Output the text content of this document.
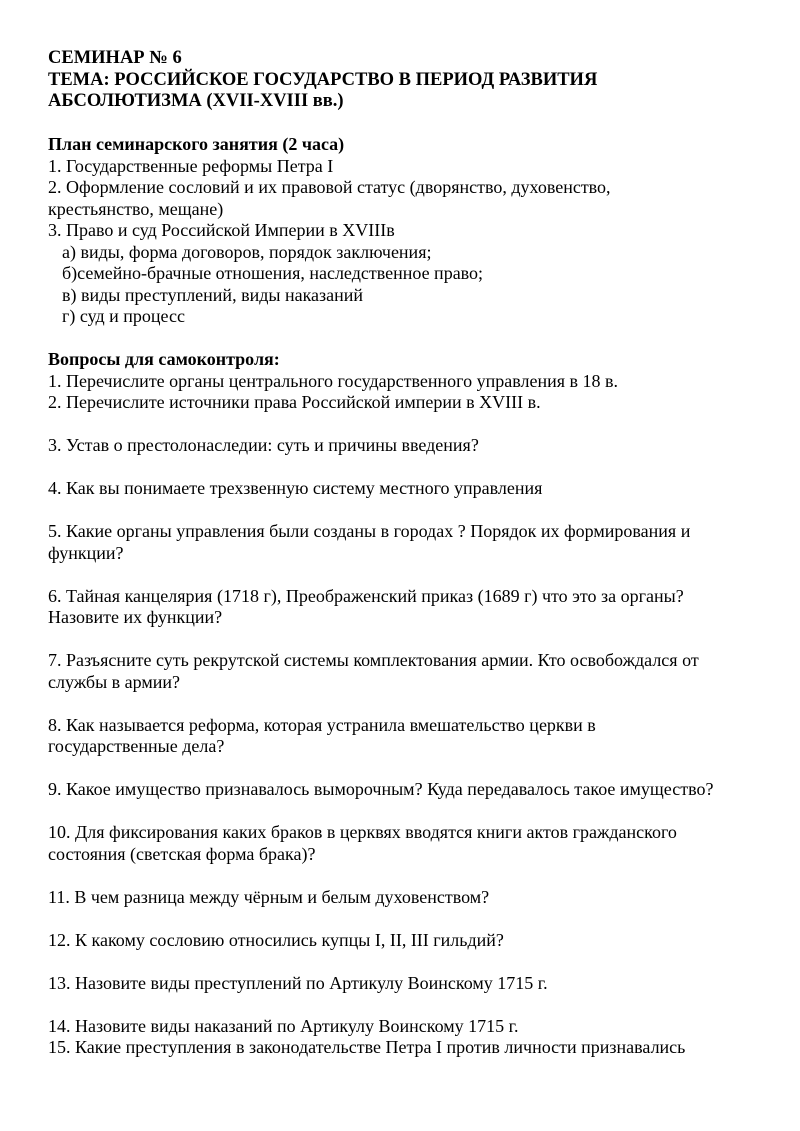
СЕМИНАР № 6
ТЕМА: РОССИЙСКОЕ ГОСУДАРСТВО В ПЕРИОД РАЗВИТИЯ
АБСОЛЮТИЗМА (XVII-XVIII вв.)
План семинарского занятия (2 часа)
1. Государственные реформы Петра I
2. Оформление сословий и их правовой статус (дворянство, духовенство,
крестьянство, мещане)
3. Право и суд Российской Империи в XVIIIв
а) виды, форма договоров, порядок заключения;
б)семейно-брачные отношения, наследственное право;
в) виды преступлений, виды наказаний
г) суд и процесс
Вопросы для самоконтроля:
1. Перечислите органы центрального государственного управления в 18 в.
2. Перечислите источники права Российской империи в XVIII в.
3. Устав о престолонаследии: суть и причины введения?
4. Как вы понимаете трехзвенную систему местного управления
5. Какие органы управления были созданы в городах ? Порядок их формирования и
функции?
6. Тайная канцелярия (1718 г), Преображенский приказ (1689 г) что это за органы?
Назовите их функции?
7. Разъясните суть рекрутской системы комплектования армии. Кто освобождался от
службы в армии?
8. Как называется реформа, которая устранила вмешательство церкви в
государственные дела?
9. Какое имущество признавалось выморочным? Куда передавалось такое имущество?
10. Для фиксирования каких браков в церквях вводятся книги актов гражданского
состояния (светская форма брака)?
11. В чем разница между чёрным и белым духовенством?
12. К какому сословию относились купцы I, II, III гильдий?
13. Назовите виды преступлений по Артикулу Воинскому 1715 г.
14. Назовите виды наказаний по Артикулу Воинскому 1715 г.
15. Какие преступления в законодательстве Петра I против личности признавались
